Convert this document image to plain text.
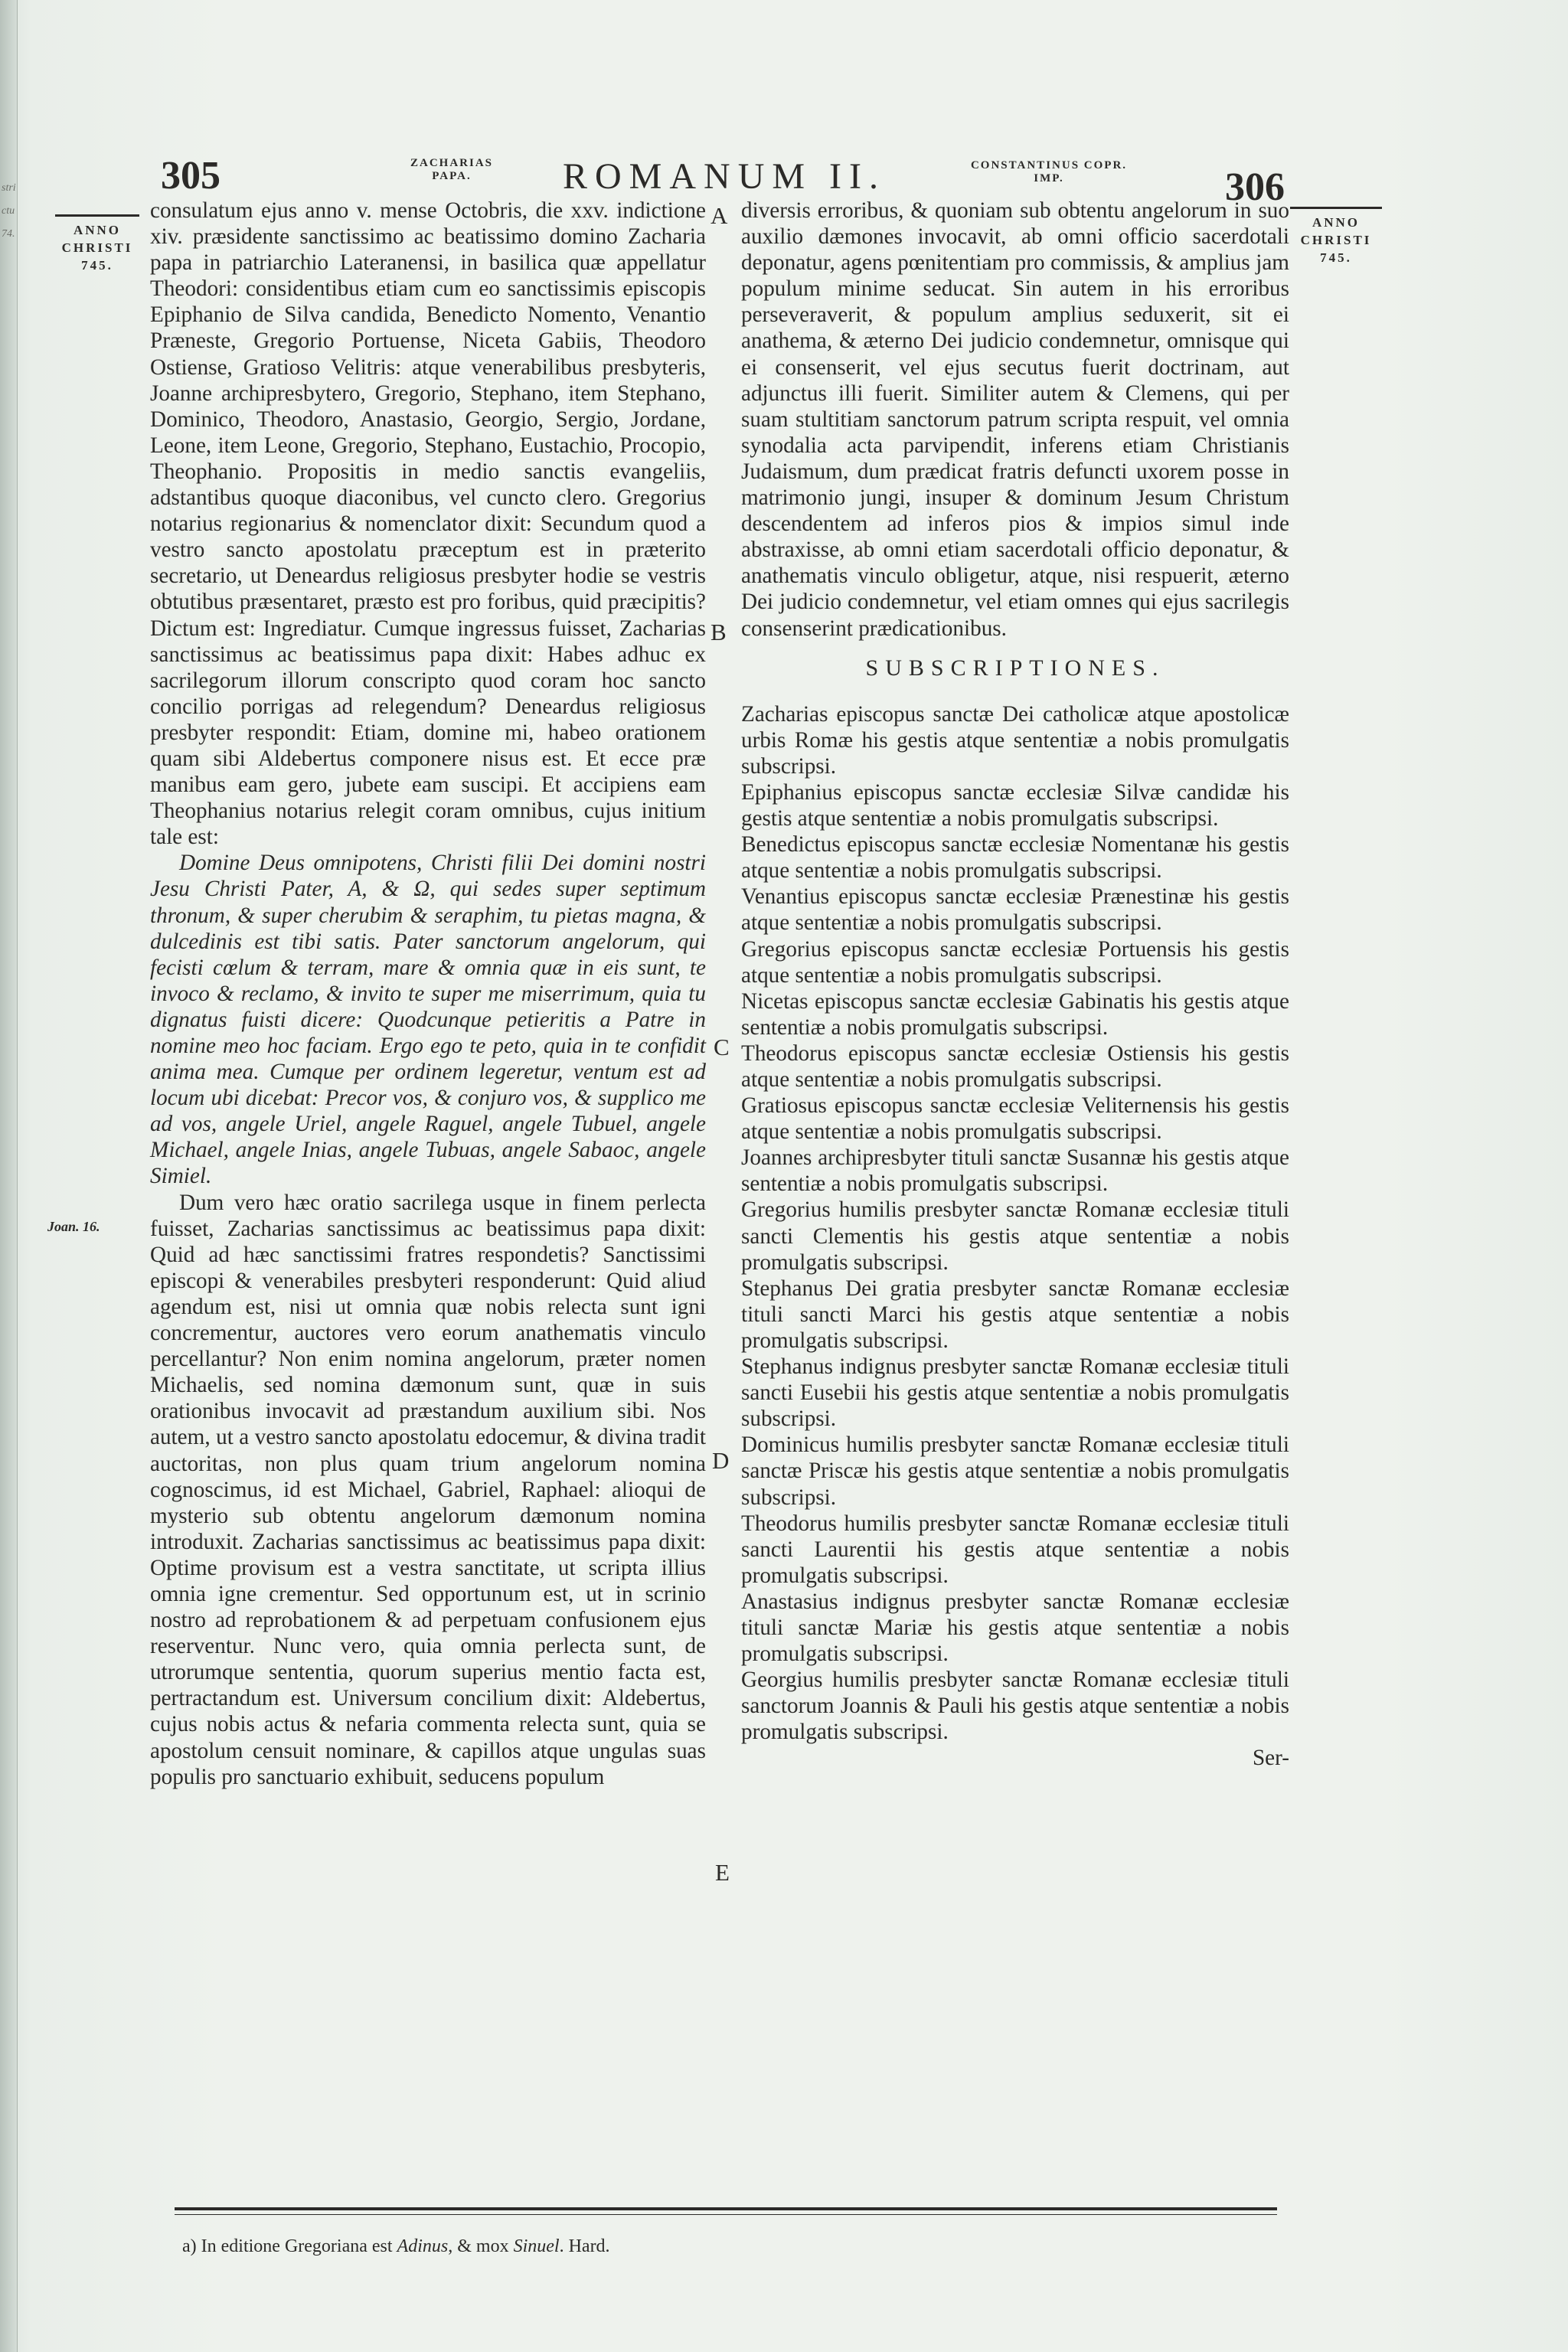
stri
ctu
74.
305	ZACHARIAS
PAPA.	ROMANUM II.	CONSTANTINUS COPR.
IMP.	306
ANNO
CHRISTI
745.
ANNO
CHRISTI
745.

consulatum ejus anno v. mense Octobris, die xxv. indictione xiv. præsidente sanctissimo ac beatissimo domino Zacharia papa in patriarchio Lateranensi, in basilica quæ appellatur Theodori: considentibus etiam cum eo sanctissimis episcopis Epiphanio de Silva candida, Benedicto Nomento, Venantio Præneste, Gregorio Portuense, Niceta Gabiis, Theodoro Ostiense, Gratioso Velitris: atque venerabilibus presbyteris, Joanne archipresbytero, Gregorio, Stephano, item Stephano, Dominico, Theodoro, Anastasio, Georgio, Sergio, Jordane, Leone, item Leone, Gregorio, Stephano, Eustachio, Procopio, Theophanio. Propositis in medio sanctis evangeliis, adstantibus quoque diaconibus, vel cuncto clero. Gregorius notarius regionarius & nomenclator dixit: Secundum quod a vestro sancto apostolatu præceptum est in præterito secretario, ut Deneardus religiosus presbyter hodie se vestris obtutibus præsentaret, præsto est pro foribus, quid præcipitis? Dictum est: Ingrediatur. Cumque ingressus fuisset, Zacharias sanctissimus ac beatissimus papa dixit: Habes adhuc ex sacrilegorum illorum conscripto quod coram hoc sancto concilio porrigas ad relegendum? Deneardus religiosus presbyter respondit: Etiam, domine mi, habeo orationem quam sibi Aldebertus componere nisus est. Et ecce præ manibus eam gero, jubete eam suscipi. Et accipiens eam Theophanius notarius relegit coram omnibus, cujus initium tale est:

Domine Deus omnipotens, Christi filii Dei domini nostri Jesu Christi Pater, A, & Ω, qui sedes super septimum thronum, & super cherubim & seraphim, tu pietas magna, & dulcedinis est tibi satis. Pater sanctorum angelorum, qui fecisti cœlum & terram, mare & omnia quæ in eis sunt, te invoco & reclamo, & invito te super me miserrimum, quia tu dignatus fuisti dicere: Quodcunque petieritis a Patre in nomine meo hoc faciam. Ergo ego te peto, quia in te confidit anima mea. Cumque per ordinem legeretur, ventum est ad locum ubi dicebat: Precor vos, & conjuro vos, & supplico me ad vos, angele Uriel, angele Raguel, angele Tubuel, angele Michael, angele Inias, angele Tubuas, angele Sabaoc, angele Simiel.

Dum vero hæc oratio sacrilega usque in finem perlecta fuisset, Zacharias sanctissimus ac beatissimus papa dixit: Quid ad hæc sanctissimi fratres respondetis? Sanctissimi episcopi & venerabiles presbyteri responderunt: Quid aliud agendum est, nisi ut omnia quæ nobis relecta sunt igni concrementur, auctores vero eorum anathematis vinculo percellantur? Non enim nomina angelorum, præter nomen Michaelis, sed nomina dæmonum sunt, quæ in suis orationibus invocavit ad præstandum auxilium sibi. Nos autem, ut a vestro sancto apostolatu edocemur, & divina tradit auctoritas, non plus quam trium angelorum nomina cognoscimus, id est Michael, Gabriel, Raphael: alioqui de mysterio sub obtentu angelorum dæmonum nomina introduxit. Zacharias sanctissimus ac beatissimus papa dixit: Optime provisum est a vestra sanctitate, ut scripta illius omnia igne crementur. Sed opportunum est, ut in scrinio nostro ad reprobationem & ad perpetuam confusionem ejus reserventur. Nunc vero, quia omnia perlecta sunt, de utrorumque sententia, quorum superius mentio facta est, pertractandum est. Universum concilium dixit: Aldebertus, cujus nobis actus & nefaria commenta relecta sunt, quia se apostolum censuit nominare, & capillos atque ungulas suas populis pro sanctuario exhibuit, seducens populum

A
B
C
D
E
Joan. 16.

diversis erroribus, & quoniam sub obtentu angelorum in suo auxilio dæmones invocavit, ab omni officio sacerdotali deponatur, agens pœnitentiam pro commissis, & amplius jam populum minime seducat. Sin autem in his erroribus perseveraverit, & populum amplius seduxerit, sit ei anathema, & æterno Dei judicio condemnetur, omnisque qui ei consenserit, vel ejus secutus fuerit doctrinam, aut adjunctus illi fuerit. Similiter autem & Clemens, qui per suam stultitiam sanctorum patrum scripta respuit, vel omnia synodalia acta parvipendit, inferens etiam Christianis Judaismum, dum prædicat fratris defuncti uxorem posse in matrimonio jungi, insuper & dominum Jesum Christum descendentem ad inferos pios & impios simul inde abstraxisse, ab omni etiam sacerdotali officio deponatur, & anathematis vinculo obligetur, atque, nisi respuerit, æterno Dei judicio condemnetur, vel etiam omnes qui ejus sacrilegis consenserint prædicationibus.

SUBSCRIPTIONES.

Zacharias episcopus sanctæ Dei catholicæ atque apostolicæ urbis Romæ his gestis atque sententiæ a nobis promulgatis subscripsi.

Epiphanius episcopus sanctæ ecclesiæ Silvæ candidæ his gestis atque sententiæ a nobis promulgatis subscripsi.

Benedictus episcopus sanctæ ecclesiæ Nomentanæ his gestis atque sententiæ a nobis promulgatis subscripsi.

Venantius episcopus sanctæ ecclesiæ Prænestinæ his gestis atque sententiæ a nobis promulgatis subscripsi.

Gregorius episcopus sanctæ ecclesiæ Portuensis his gestis atque sententiæ a nobis promulgatis subscripsi.

Nicetas episcopus sanctæ ecclesiæ Gabinatis his gestis atque sententiæ a nobis promulgatis subscripsi.

Theodorus episcopus sanctæ ecclesiæ Ostiensis his gestis atque sententiæ a nobis promulgatis subscripsi.

Gratiosus episcopus sanctæ ecclesiæ Veliternensis his gestis atque sententiæ a nobis promulgatis subscripsi.

Joannes archipresbyter tituli sanctæ Susannæ his gestis atque sententiæ a nobis promulgatis subscripsi.

Gregorius humilis presbyter sanctæ Romanæ ecclesiæ tituli sancti Clementis his gestis atque sententiæ a nobis promulgatis subscripsi.

Stephanus Dei gratia presbyter sanctæ Romanæ ecclesiæ tituli sancti Marci his gestis atque sententiæ a nobis promulgatis subscripsi.

Stephanus indignus presbyter sanctæ Romanæ ecclesiæ tituli sancti Eusebii his gestis atque sententiæ a nobis promulgatis subscripsi.

Dominicus humilis presbyter sanctæ Romanæ ecclesiæ tituli sanctæ Priscæ his gestis atque sententiæ a nobis promulgatis subscripsi.

Theodorus humilis presbyter sanctæ Romanæ ecclesiæ tituli sancti Laurentii his gestis atque sententiæ a nobis promulgatis subscripsi.

Anastasius indignus presbyter sanctæ Romanæ ecclesiæ tituli sanctæ Mariæ his gestis atque sententiæ a nobis promulgatis subscripsi.

Georgius humilis presbyter sanctæ Romanæ ecclesiæ tituli sanctorum Joannis & Pauli his gestis atque sententiæ a nobis promulgatis subscripsi.

Ser-
a) In editione Gregoriana est Adinus, & mox Sinuel. Hard.
